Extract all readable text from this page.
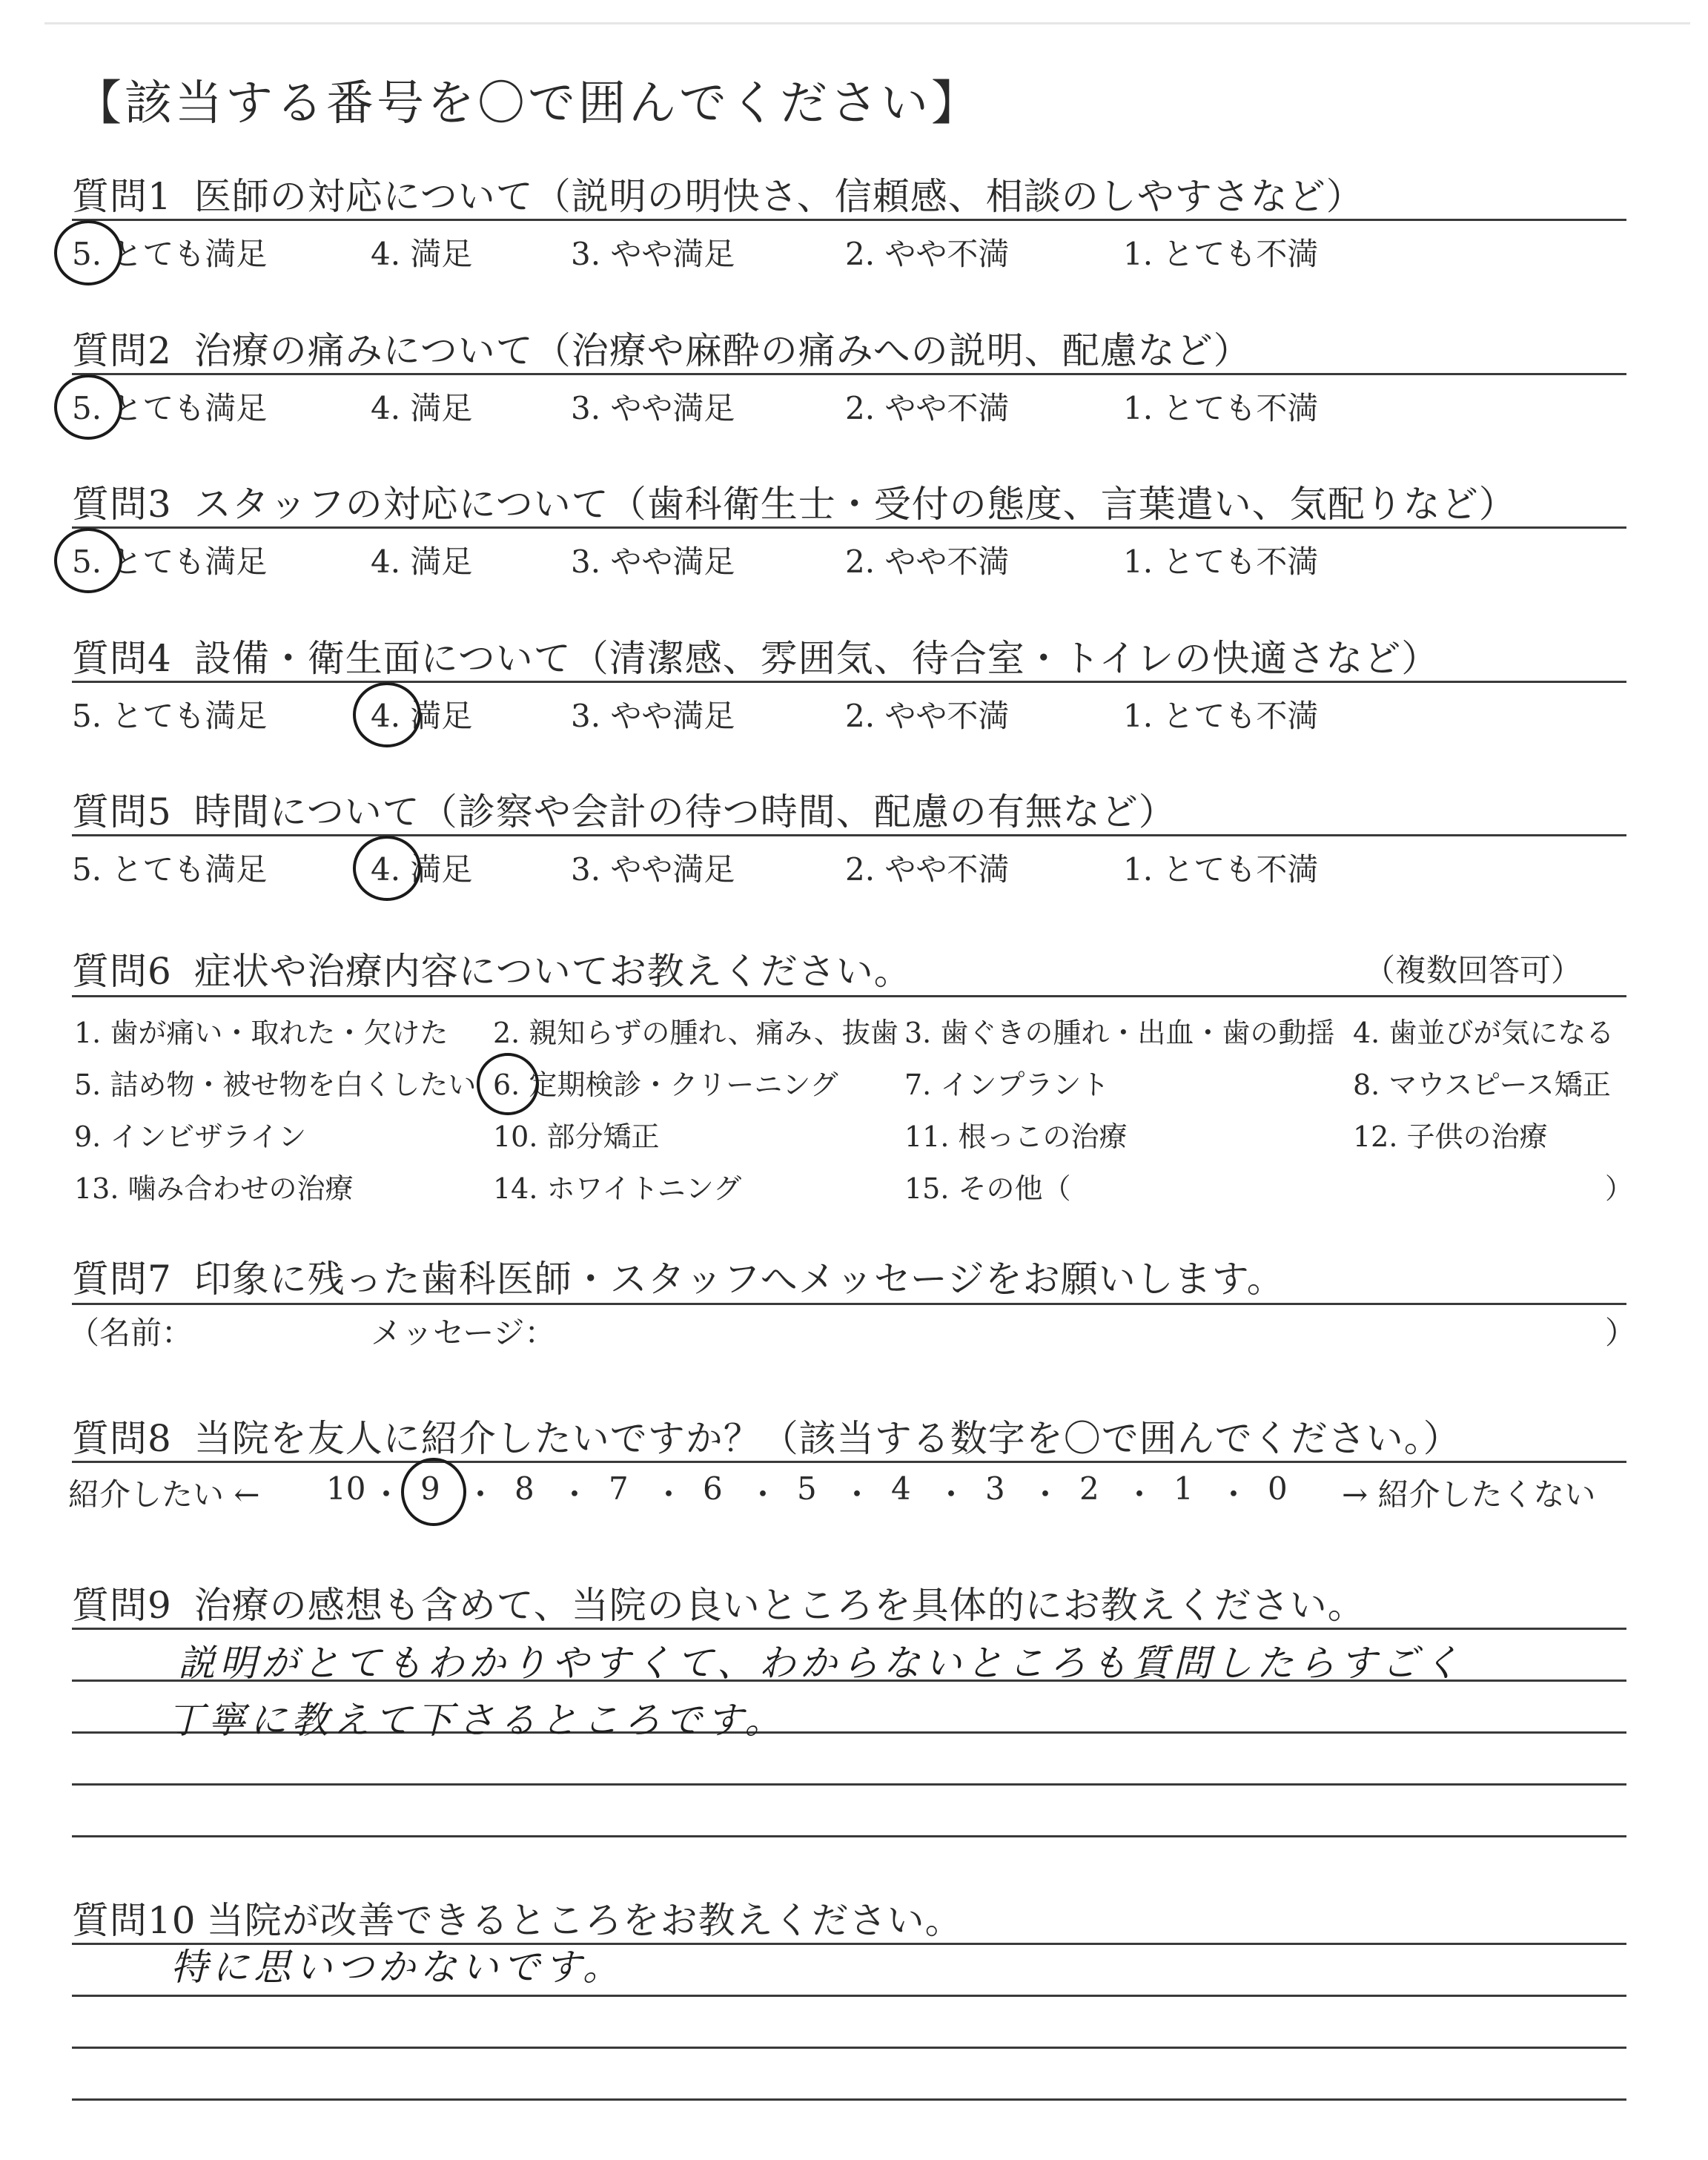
【該当する番号を〇で囲んでください】
質問1 医師の対応について（説明の明快さ、信頼感、相談のしやすさなど）
5. とても満足	4. 満足	3. やや満足	2. やや不満	1. とても不満
質問2 治療の痛みについて（治療や麻酔の痛みへの説明、配慮など）
5. とても満足	4. 満足	3. やや満足	2. やや不満	1. とても不満
質問3 スタッフの対応について（歯科衛生士・受付の態度、言葉遣い、気配りなど）
5. とても満足	4. 満足	3. やや満足	2. やや不満	1. とても不満
質問4 設備・衛生面について（清潔感、雰囲気、待合室・トイレの快適さなど）
5. とても満足	4. 満足	3. やや満足	2. やや不満	1. とても不満
質問5 時間について（診察や会計の待つ時間、配慮の有無など）
5. とても満足	4. 満足	3. やや満足	2. やや不満	1. とても不満
質問6 症状や治療内容についてお教えください。	（複数回答可）
1. 歯が痛い・取れた・欠けた 2. 親知らずの腫れ、痛み、抜歯 3. 歯ぐきの腫れ・出血・歯の動揺 4. 歯並びが気になる
5. 詰め物・被せ物を白くしたい 6. 定期検診・クリーニング 7. インプラント	8. マウスピース矯正
9. インビザライン	10. 部分矯正	11. 根っこの治療	12. 子供の治療
13. 噛み合わせの治療	14. ホワイトニング	15. その他（	）
質問7 印象に残った歯科医師・スタッフへメッセージをお願いします。
（名前：	メッセージ：	）
質問8 当院を友人に紹介したいですか？（該当する数字を〇で囲んでください。）
紹介したい ← 10 ・ 9 ・ 8 ・ 7 ・ 6 ・ 5 ・ 4 ・ 3 ・ 2 ・ 1 ・ 0 → 紹介したくない
質問9 治療の感想も含めて、当院の良いところを具体的にお教えください。
説明がとてもわかりやすくて、わからないところも質問したらすごく
丁寧に教えて下さるところです。
質問10 当院が改善できるところをお教えください。
特に思いつかないです。
